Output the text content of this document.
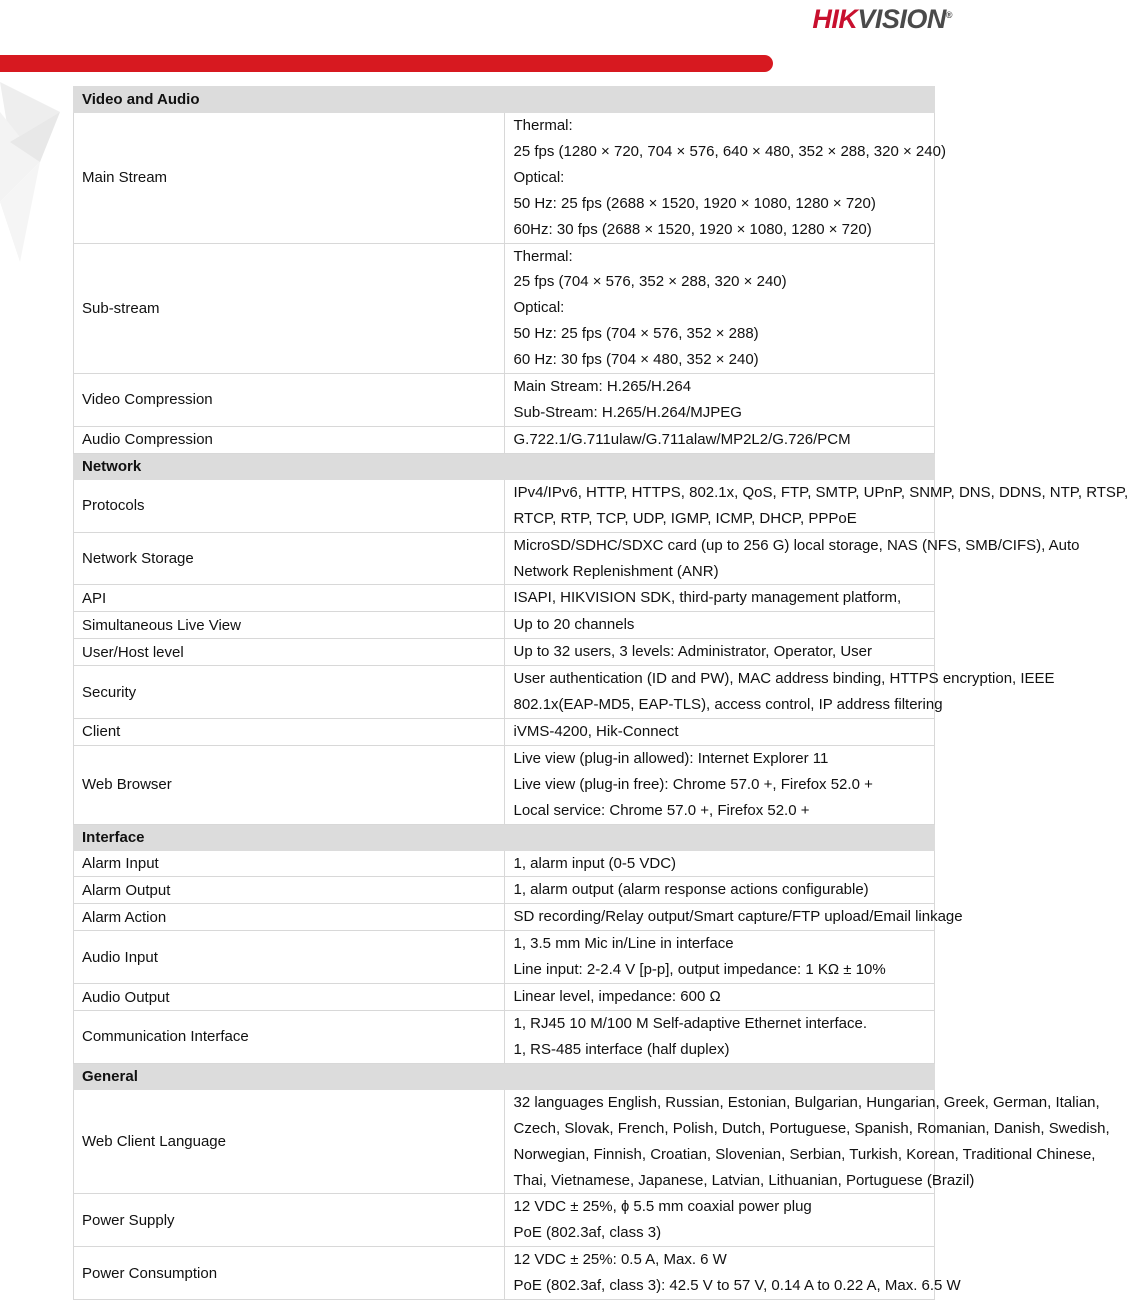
HIKVISION®
Video and Audio	
Main Stream	Thermal:
25 fps (1280 × 720, 704 × 576, 640 × 480, 352 × 288, 320 × 240)
Optical:
50 Hz: 25 fps (2688 × 1520, 1920 × 1080, 1280 × 720)
60Hz: 30 fps (2688 × 1520, 1920 × 1080, 1280 × 720)

Sub-stream	Thermal:
25 fps (704 × 576, 352 × 288, 320 × 240)
Optical:
50 Hz: 25 fps (704 × 576, 352 × 288)
60 Hz: 30 fps (704 × 480, 352 × 240)

Video Compression	Main Stream: H.265/H.264
Sub-Stream: H.265/H.264/MJPEG

Audio Compression	G.722.1/G.711ulaw/G.711alaw/MP2L2/G.726/PCM

Network	
Protocols	IPv4/IPv6, HTTP, HTTPS, 802.1x, QoS, FTP, SMTP, UPnP, SNMP, DNS, DDNS, NTP, RTSP,
RTCP, RTP, TCP, UDP, IGMP, ICMP, DHCP, PPPoE

Network Storage	MicroSD/SDHC/SDXC card (up to 256 G) local storage, NAS (NFS, SMB/CIFS), Auto
Network Replenishment (ANR)

API	ISAPI, HIKVISION SDK, third-party management platform,

Simultaneous Live View	Up to 20 channels

User/Host level	Up to 32 users, 3 levels: Administrator, Operator, User

Security	User authentication (ID and PW), MAC address binding, HTTPS encryption, IEEE
802.1x(EAP-MD5, EAP-TLS), access control, IP address filtering

Client	iVMS-4200, Hik-Connect

Web Browser	Live view (plug-in allowed): Internet Explorer 11
Live view (plug-in free): Chrome 57.0 +, Firefox 52.0 +
Local service: Chrome 57.0 +, Firefox 52.0 +

Interface	
Alarm Input	1, alarm input (0-5 VDC)

Alarm Output	1, alarm output (alarm response actions configurable)

Alarm Action	SD recording/Relay output/Smart capture/FTP upload/Email linkage

Audio Input	1, 3.5 mm Mic in/Line in interface
Line input: 2-2.4 V [p-p], output impedance: 1 KΩ ± 10%

Audio Output	Linear level, impedance: 600 Ω

Communication Interface	1, RJ45 10 M/100 M Self-adaptive Ethernet interface.
1, RS-485 interface (half duplex)

General	
Web Client Language	32 languages English, Russian, Estonian, Bulgarian, Hungarian, Greek, German, Italian,
Czech, Slovak, French, Polish, Dutch, Portuguese, Spanish, Romanian, Danish, Swedish,
Norwegian, Finnish, Croatian, Slovenian, Serbian, Turkish, Korean, Traditional Chinese,
Thai, Vietnamese, Japanese, Latvian, Lithuanian, Portuguese (Brazil)

Power Supply	12 VDC ± 25%, ɸ 5.5 mm coaxial power plug
PoE (802.3af, class 3)

Power Consumption	12 VDC ± 25%: 0.5 A, Max. 6 W
PoE (802.3af, class 3): 42.5 V to 57 V, 0.14 A to 0.22 A, Max. 6.5 W
